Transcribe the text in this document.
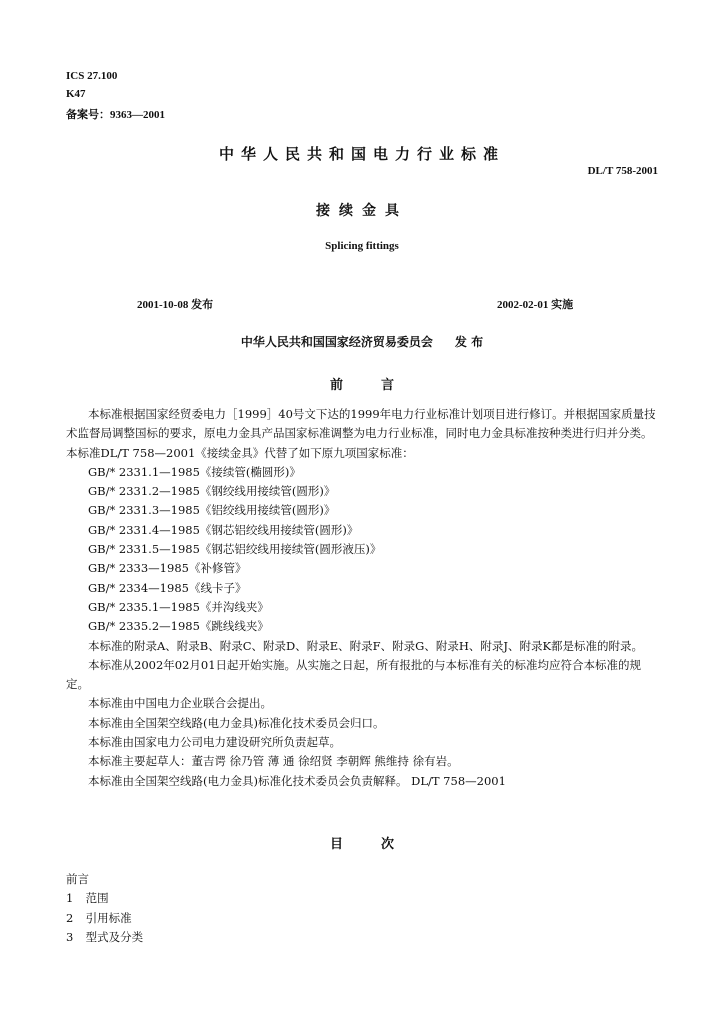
ICS 27.100
K47
备案号：9363—2001
中华人民共和国电力行业标准
DL/T 758-2001
接续金具
Splicing fittings
2001-10-08 发布	2002-02-01 实施
中华人民共和国国家经济贸易委员会 发 布
前	言

本标准根据国家经贸委电力［1999］40号文下达的1999年电力行业标准计划项目进行修订。并根据国家质量技术监督局调整国标的要求，原电力金具产品国家标准调整为电力行业标准，同时电力金具标准按种类进行归并分类。本标准DL/T 758—2001《接续金具》代替了如下原九项国家标准：

GB/* 2331.1—1985《接续管(椭圆形)》

GB/* 2331.2—1985《钢绞线用接续管(圆形)》

GB/* 2331.3—1985《铝绞线用接续管(圆形)》

GB/* 2331.4—1985《钢芯铝绞线用接续管(圆形)》

GB/* 2331.5—1985《钢芯铝绞线用接续管(圆形液压)》

GB/* 2333—1985《补修管》

GB/* 2334—1985《线卡子》

GB/* 2335.1—1985《并沟线夹》

GB/* 2335.2—1985《跳线线夹》

本标准的附录A、附录B、附录C、附录D、附录E、附录F、附录G、附录H、附录J、附录K都是标准的附录。

本标准从2002年02月01日起开始实施。从实施之日起，所有报批的与本标准有关的标准均应符合本标准的规定。

本标准由中国电力企业联合会提出。

本标准由全国架空线路(电力金具)标准化技术委员会归口。

本标准由国家电力公司电力建设研究所负责起草。

本标准主要起草人：董吉谔 徐乃管 薄 通 徐绍贤 李朝辉 熊维持 徐有岩。

本标准由全国架空线路(电力金具)标准化技术委员会负责解释。 DL/T 758—2001

目	次
前言
1 范围
2 引用标准
3 型式及分类
